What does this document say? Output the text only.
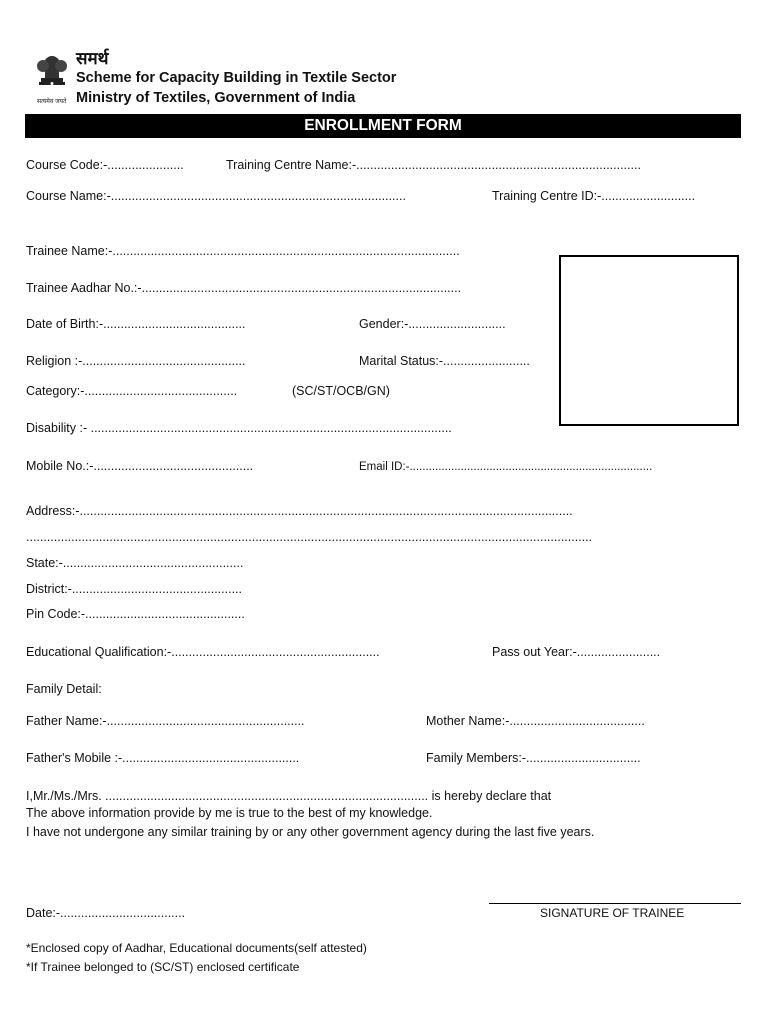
सत्यमेव जयते
समर्थ
Scheme for Capacity Building in Textile Sector
Ministry of Textiles, Government of India
ENROLLMENT FORM
Course Code:-......................	Training Centre Name:-..................................................................................
Course Name:-.....................................................................................	Training Centre ID:-...........................
Trainee Name:-....................................................................................................
Trainee Aadhar No.:-............................................................................................
Date of Birth:-.........................................	Gender:-............................
Religion :-...............................................	Marital Status:-.........................
Category:-............................................	(SC/ST/OCB/GN)
Disability :- ........................................................................................................
Mobile No.:-..............................................	Email ID:-............................................................................
Address:-..............................................................................................................................................
...................................................................................................................................................................
State:-....................................................
District:-.................................................
Pin Code:-..............................................
Educational Qualification:-............................................................	Pass out Year:-........................
Family Detail:
Father Name:-.........................................................	Mother Name:-.......................................
Father's Mobile :-...................................................	Family Members:-.................................
I,Mr./Ms./Mrs. ............................................................................................. is hereby declare that
The above information provide by me is true to the best of my knowledge.
I have not undergone any similar training by or any other government agency during the last five years.
Date:-....................................	SIGNATURE OF TRAINEE
*Enclosed copy of Aadhar, Educational documents(self attested)
*If Trainee belonged to (SC/ST) enclosed certificate
